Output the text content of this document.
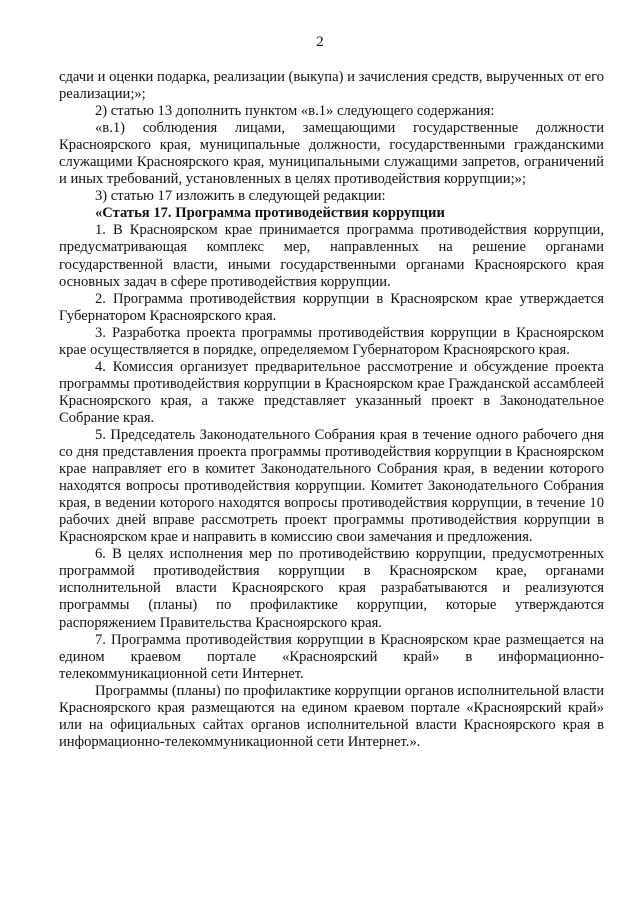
2

сдачи и оценки подарка, реализации (выкупа) и зачисления средств, вырученных от его реализации;»;

2) статью 13 дополнить пунктом «в.1» следующего содержания:

«в.1) соблюдения лицами, замещающими государственные должности Красноярского края, муниципальные должности, государственными гражданскими служащими Красноярского края, муниципальными служащими запретов, ограничений и иных требований, установленных в целях противодействия коррупции;»;

3) статью 17 изложить в следующей редакции:

«Статья 17. Программа противодействия коррупции

1. В Красноярском крае принимается программа противодействия коррупции, предусматривающая комплекс мер, направленных на решение органами государственной власти, иными государственными органами Красноярского края основных задач в сфере противодействия коррупции.

2. Программа противодействия коррупции в Красноярском крае утверждается Губернатором Красноярского края.

3. Разработка проекта программы противодействия коррупции в Красноярском крае осуществляется в порядке, определяемом Губернатором Красноярского края.

4. Комиссия организует предварительное рассмотрение и обсуждение проекта программы противодействия коррупции в Красноярском крае Гражданской ассамблеей Красноярского края, а также представляет указанный проект в Законодательное Собрание края.

5. Председатель Законодательного Собрания края в течение одного рабочего дня со дня представления проекта программы противодействия коррупции в Красноярском крае направляет его в комитет Законодательного Собрания края, в ведении которого находятся вопросы противодействия коррупции. Комитет Законодательного Собрания края, в ведении которого находятся вопросы противодействия коррупции, в течение 10 рабочих дней вправе рассмотреть проект программы противодействия коррупции в Красноярском крае и направить в комиссию свои замечания и предложения.

6. В целях исполнения мер по противодействию коррупции, предусмотренных программой противодействия коррупции в Красноярском крае, органами исполнительной власти Красноярского края разрабатываются и реализуются программы (планы) по профилактике коррупции, которые утверждаются распоряжением Правительства Красноярского края.

7. Программа противодействия коррупции в Красноярском крае размещается на едином краевом портале «Красноярский край» в информационно-телекоммуникационной сети Интернет.

Программы (планы) по профилактике коррупции органов исполнительной власти Красноярского края размещаются на едином краевом портале «Красноярский край» или на официальных сайтах органов исполнительной власти Красноярского края в информационно-телекоммуникационной сети Интернет.».
